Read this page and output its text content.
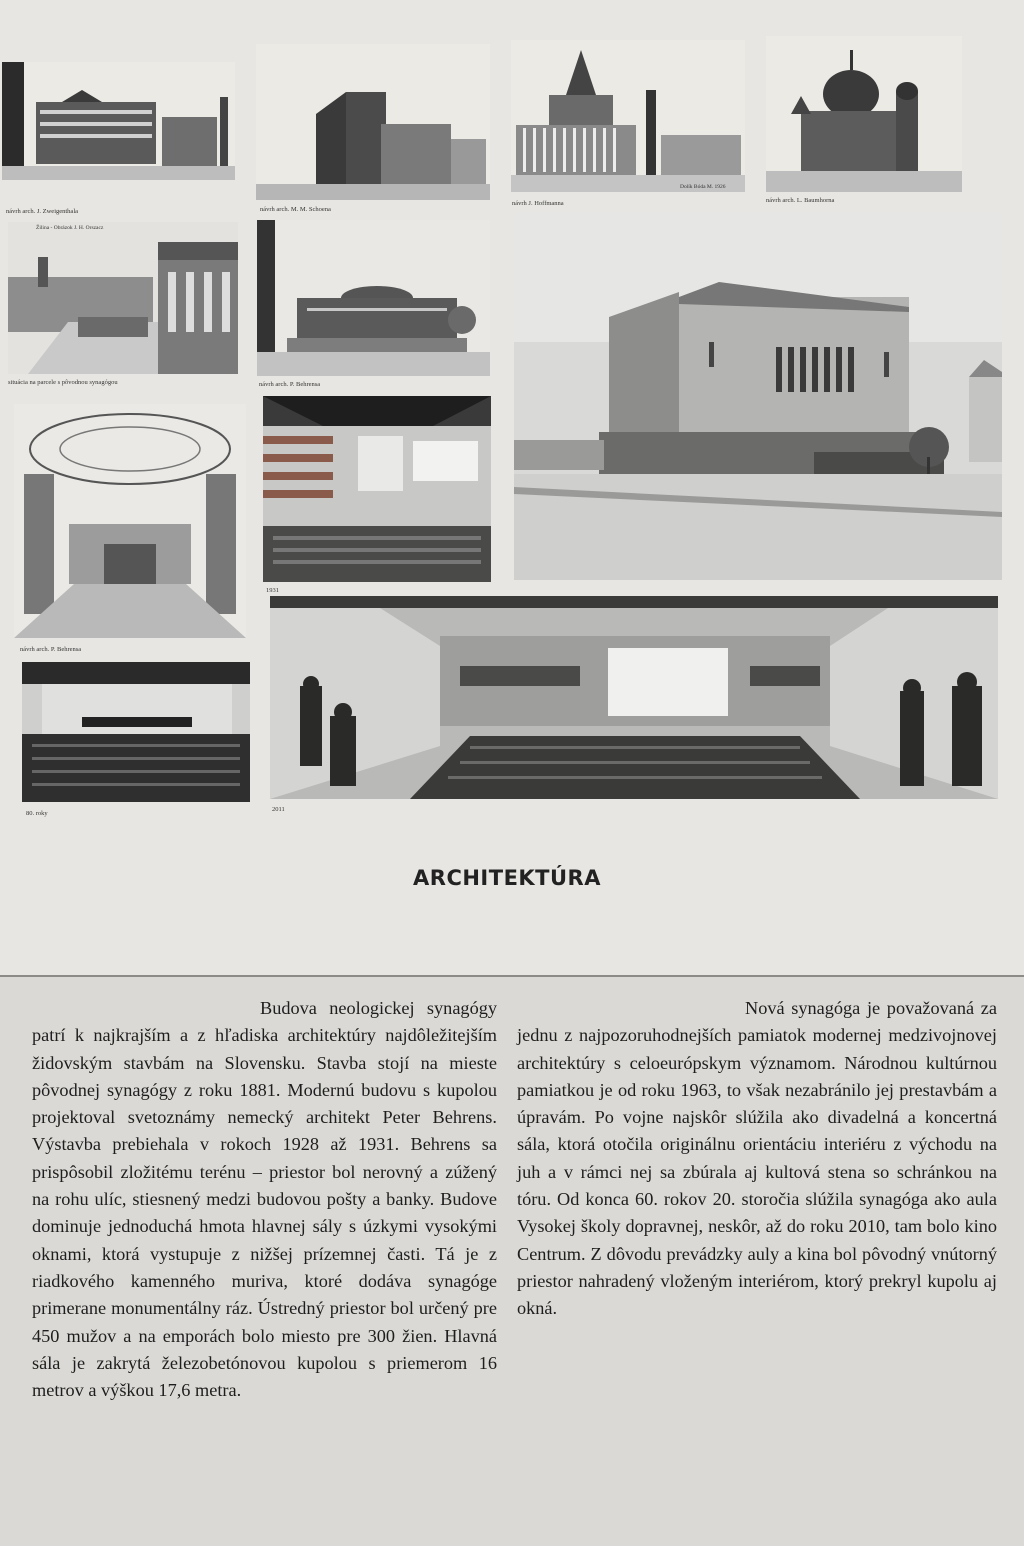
návrh arch. J. Zweigenthala	návrh arch. M. M. Schoena
Dolík Bóda M. 1926
návrh J. Hoffmanna	návrh arch. L. Baumhorna
Žilina - Obrázok J. H. Orszacz
situácia na parcele s pôvodnou synagógou	návrh arch. P. Behrensa
návrh arch. P. Behrensa
1931
80. roky
2011
ARCHITEKTÚRA
Budova neologickej synagógy patrí k najkrajším a z hľadiska architektúry najdôležitejším židovským stavbám na Slovensku. Stavba stojí na mieste pôvodnej synagógy z roku 1881. Modernú budovu s kupolou projektoval svetoznámy nemecký architekt Peter Behrens. Výstavba prebiehala v rokoch 1928 až 1931. Behrens sa prispôsobil zložitému terénu – priestor bol nerovný a zúžený na rohu ulíc, stiesnený medzi budovou pošty a banky. Budove dominuje jednoduchá hmota hlavnej sály s úzkymi vysokými oknami, ktorá vystupuje z nižšej prízemnej časti. Tá je z riadkového kamenného muriva, ktoré dodáva synagóge primerane monumentálny ráz. Ústredný priestor bol určený pre 450 mužov a na emporách bolo miesto pre 300 žien. Hlavná sála je zakrytá železobetónovou kupolou s priemerom 16 metrov a výškou 17,6 metra.
Nová synagóga je považovaná za jednu z najpozoruhodnejších pamiatok modernej medzivojnovej architektúry s celoeurópskym významom. Národnou kultúrnou pamiatkou je od roku 1963, to však nezabránilo jej prestavbám a úpravám. Po vojne najskôr slúžila ako divadelná a koncertná sála, ktorá otočila originálnu orientáciu interiéru z východu na juh a v rámci nej sa zbúrala aj kultová stena so schránkou na tóru. Od konca 60. rokov 20. storočia slúžila synagóga ako aula Vysokej školy dopravnej, neskôr, až do roku 2010, tam bolo kino Centrum. Z dôvodu prevádzky auly a kina bol pôvodný vnútorný priestor nahradený vloženým interiérom, ktorý prekryl kupolu aj okná.
